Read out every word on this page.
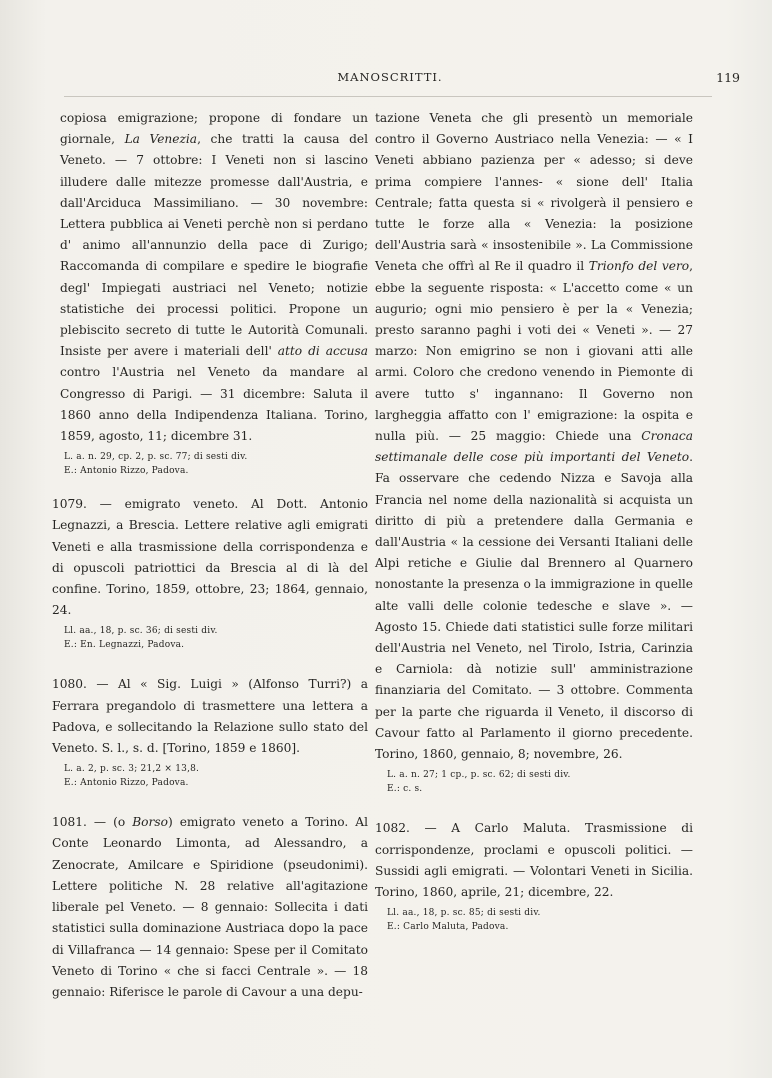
MANOSCRITTI.	119

copiosa emigrazione; propone di fondare un giornale, La Venezia, che tratti la causa del Veneto. — 7 ottobre: I Veneti non si lascino illudere dalle mitezze promesse dall'Austria, e dall'Arciduca Massimiliano. — 30 novembre: Lettera pubblica ai Veneti perchè non si perdano d' animo all'annunzio della pace di Zurigo; Raccomanda di compilare e spedire le biografie degl' Impiegati austriaci nel Veneto; notizie statistiche dei processi politici. Propone un plebiscito secreto di tutte le Autorità Comunali. Insiste per avere i materiali dell' atto di accusa contro l'Austria nel Veneto da mandare al Congresso di Parigi. — 31 dicembre: Saluta il 1860 anno della Indipendenza Italiana. Torino, 1859, agosto, 11; dicembre 31.

L. a. n. 29, cp. 2, p. sc. 77; di sesti div.
E.: Antonio Rizzo, Padova.

1079. — emigrato veneto. Al Dott. Antonio Legnazzi, a Brescia. Lettere relative agli emigrati Veneti e alla trasmissione della corrispondenza e di opuscoli patriottici da Brescia al di là del confine. Torino, 1859, ottobre, 23; 1864, gennaio, 24.

Ll. aa., 18, p. sc. 36; di sesti div.
E.: En. Legnazzi, Padova.

1080. — Al « Sig. Luigi » (Alfonso Turri?) a Ferrara pregandolo di trasmettere una lettera a Padova, e sollecitando la Relazione sullo stato del Veneto. S. l., s. d. [Torino, 1859 e 1860].

L. a. 2, p. sc. 3; 21,2 × 13,8.
E.: Antonio Rizzo, Padova.

1081. — (o Borso) emigrato veneto a Torino. Al Conte Leonardo Limonta, ad Alessandro, a Zenocrate, Amilcare e Spiridione (pseudonimi). Lettere politiche N. 28 relative all'agitazione liberale pel Veneto. — 8 gennaio: Sollecita i dati statistici sulla dominazione Austriaca dopo la pace di Villafranca — 14 gennaio: Spese per il Comitato Veneto di Torino « che si facci Centrale ». — 18 gennaio: Riferisce le parole di Cavour a una depu-

tazione Veneta che gli presentò un memoriale contro il Governo Austriaco nella Venezia: — « I Veneti abbiano pazienza per « adesso; si deve prima compiere l'annes- « sione dell' Italia Centrale; fatta questa si « rivolgerà il pensiero e tutte le forze alla « Venezia: la posizione dell'Austria sarà « insostenibile ». La Commissione Veneta che offrì al Re il quadro il Trionfo del vero, ebbe la seguente risposta: « L'accetto come « un augurio; ogni mio pensiero è per la « Venezia; presto saranno paghi i voti dei « Veneti ». — 27 marzo: Non emigrino se non i giovani atti alle armi. Coloro che credono venendo in Piemonte di avere tutto s' ingannano: Il Governo non largheggia affatto con l' emigrazione: la ospita e nulla più. — 25 maggio: Chiede una Cronaca settimanale delle cose più importanti del Veneto. Fa osservare che cedendo Nizza e Savoja alla Francia nel nome della nazionalità si acquista un diritto di più a pretendere dalla Germania e dall'Austria « la cessione dei Versanti Italiani delle Alpi retiche e Giulie dal Brennero al Quarnero nonostante la presenza o la immigrazione in quelle alte valli delle colonie tedesche e slave ». — Agosto 15. Chiede dati statistici sulle forze militari dell'Austria nel Veneto, nel Tirolo, Istria, Carinzia e Carniola: dà notizie sull' amministrazione finanziaria del Comitato. — 3 ottobre. Commenta per la parte che riguarda il Veneto, il discorso di Cavour fatto al Parlamento il giorno precedente. Torino, 1860, gennaio, 8; novembre, 26.

L. a. n. 27; 1 cp., p. sc. 62; di sesti div.
E.: c. s.

1082. — A Carlo Maluta. Trasmissione di corrispondenze, proclami e opuscoli politici. — Sussidi agli emigrati. — Volontari Veneti in Sicilia. Torino, 1860, aprile, 21; dicembre, 22.

Ll. aa., 18, p. sc. 85; di sesti div.
E.: Carlo Maluta, Padova.
